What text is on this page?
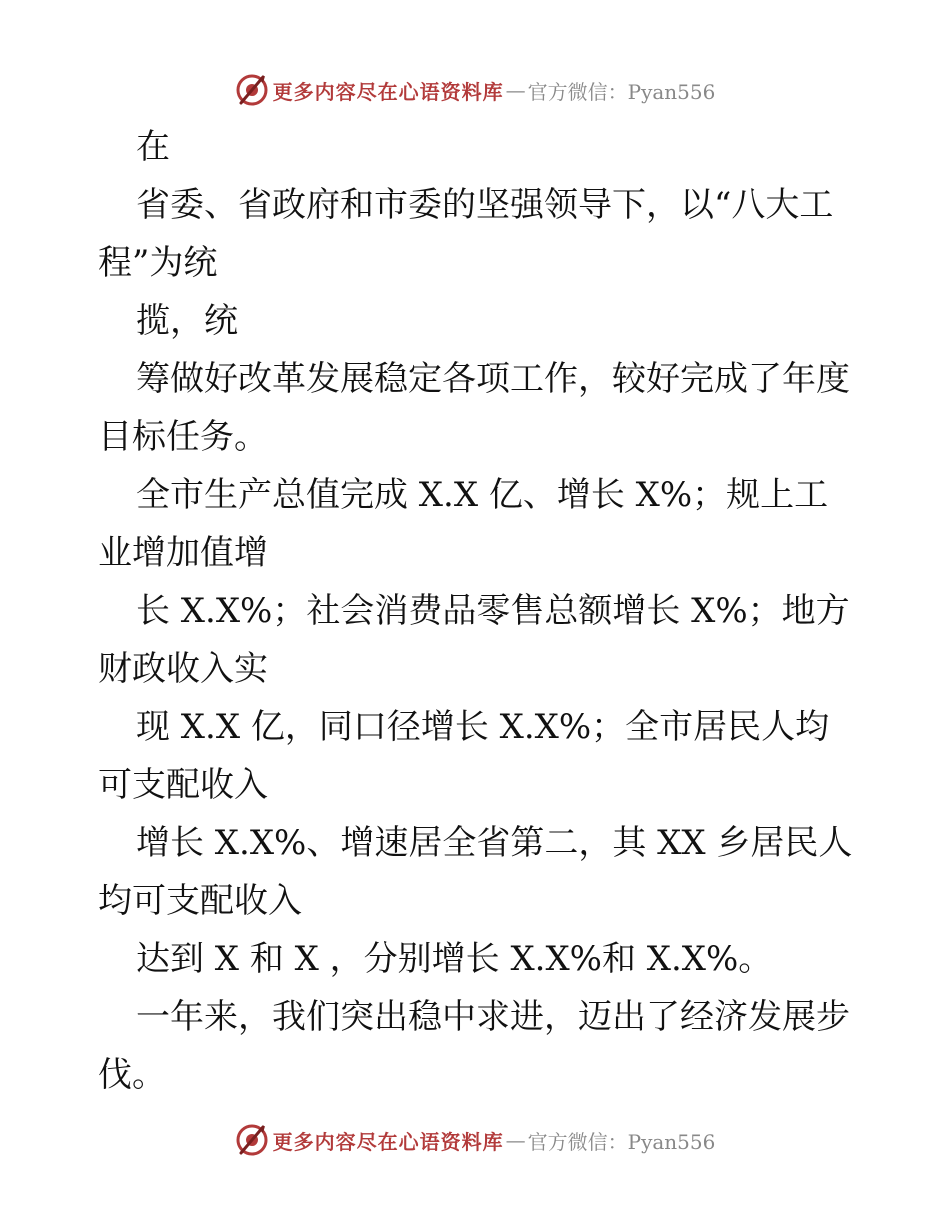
更多内容尽在心语资料库 — 官方微信：Pyan556

在

省委、省政府和市委的坚强领导下，以“八大工程”为统

揽，统

筹做好改革发展稳定各项工作，较好完成了年度目标任务。

全市生产总值完成 X.X 亿、增长 X%；规上工业增加值增

长 X.X%；社会消费品零售总额增长 X%；地方财政收入实

现 X.X 亿，同口径增长 X.X%；全市居民人均可支配收入

增长 X.X%、增速居全省第二，其 XX 乡居民人均可支配收入

达到 X 和 X ，分别增长 X.X%和 X.X%。

一年来，我们突出稳中求进，迈出了经济发展步伐。

更多内容尽在心语资料库 — 官方微信：Pyan556
